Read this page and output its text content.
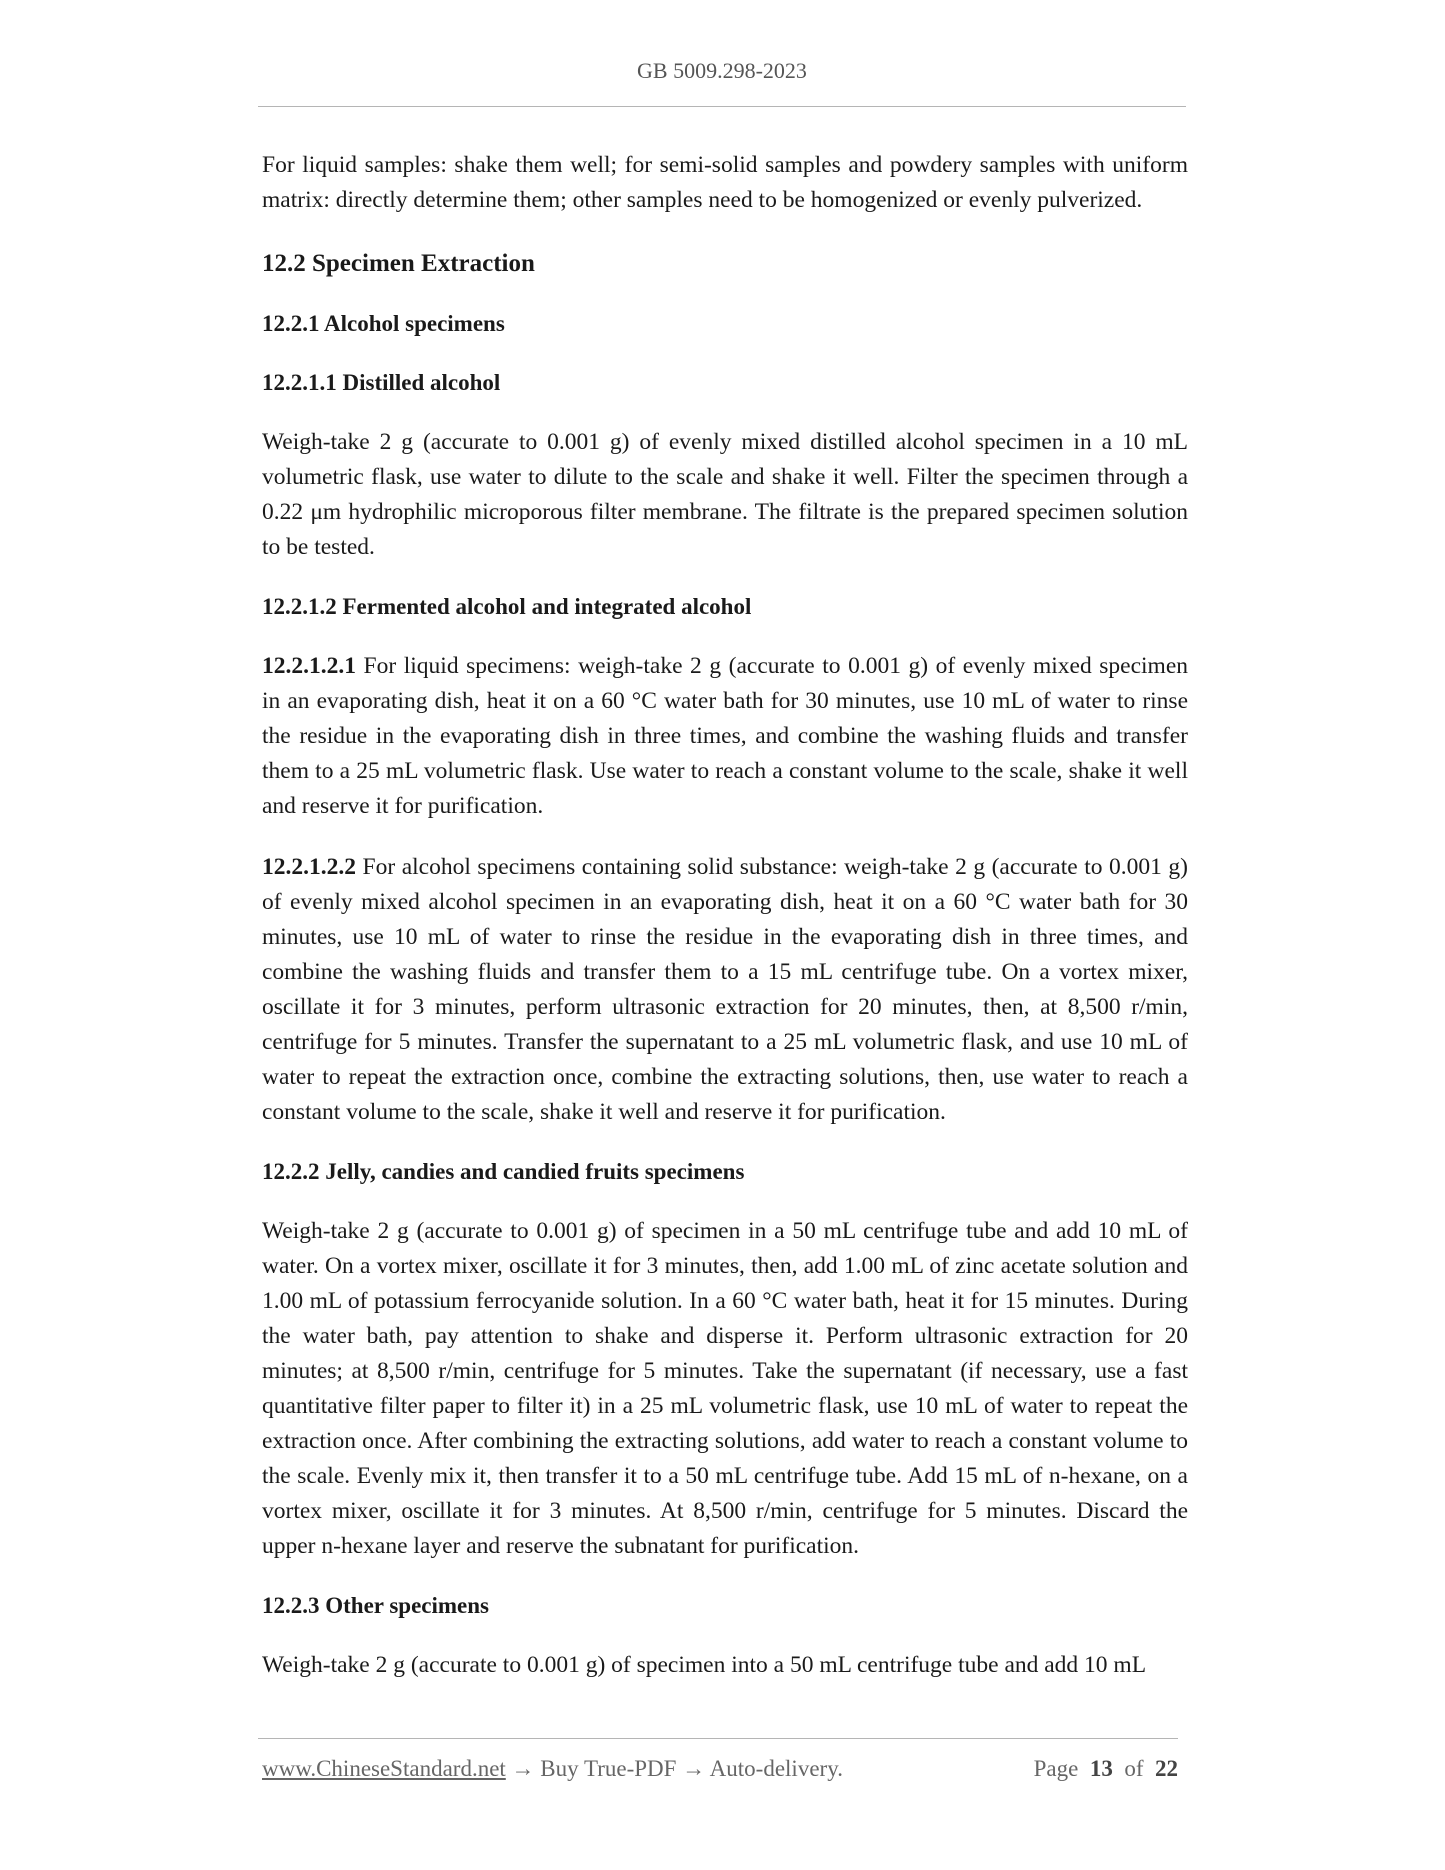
GB 5009.298-2023

For liquid samples: shake them well; for semi-solid samples and powdery samples with uniform matrix: directly determine them; other samples need to be homogenized or evenly pulverized.

12.2 Specimen Extraction
12.2.1 Alcohol specimens
12.2.1.1 Distilled alcohol

Weigh-take 2 g (accurate to 0.001 g) of evenly mixed distilled alcohol specimen in a 10 mL volumetric flask, use water to dilute to the scale and shake it well. Filter the specimen through a 0.22 μm hydrophilic microporous filter membrane. The filtrate is the prepared specimen solution to be tested.

12.2.1.2 Fermented alcohol and integrated alcohol

12.2.1.2.1 For liquid specimens: weigh-take 2 g (accurate to 0.001 g) of evenly mixed specimen in an evaporating dish, heat it on a 60 °C water bath for 30 minutes, use 10 mL of water to rinse the residue in the evaporating dish in three times, and combine the washing fluids and transfer them to a 25 mL volumetric flask. Use water to reach a constant volume to the scale, shake it well and reserve it for purification.

12.2.1.2.2 For alcohol specimens containing solid substance: weigh-take 2 g (accurate to 0.001 g) of evenly mixed alcohol specimen in an evaporating dish, heat it on a 60 °C water bath for 30 minutes, use 10 mL of water to rinse the residue in the evaporating dish in three times, and combine the washing fluids and transfer them to a 15 mL centrifuge tube. On a vortex mixer, oscillate it for 3 minutes, perform ultrasonic extraction for 20 minutes, then, at 8,500 r/min, centrifuge for 5 minutes. Transfer the supernatant to a 25 mL volumetric flask, and use 10 mL of water to repeat the extraction once, combine the extracting solutions, then, use water to reach a constant volume to the scale, shake it well and reserve it for purification.

12.2.2 Jelly, candies and candied fruits specimens

Weigh-take 2 g (accurate to 0.001 g) of specimen in a 50 mL centrifuge tube and add 10 mL of water. On a vortex mixer, oscillate it for 3 minutes, then, add 1.00 mL of zinc acetate solution and 1.00 mL of potassium ferrocyanide solution. In a 60 °C water bath, heat it for 15 minutes. During the water bath, pay attention to shake and disperse it. Perform ultrasonic extraction for 20 minutes; at 8,500 r/min, centrifuge for 5 minutes. Take the supernatant (if necessary, use a fast quantitative filter paper to filter it) in a 25 mL volumetric flask, use 10 mL of water to repeat the extraction once. After combining the extracting solutions, add water to reach a constant volume to the scale. Evenly mix it, then transfer it to a 50 mL centrifuge tube. Add 15 mL of n-hexane, on a vortex mixer, oscillate it for 3 minutes. At 8,500 r/min, centrifuge for 5 minutes. Discard the upper n-hexane layer and reserve the subnatant for purification.

12.2.3 Other specimens

Weigh-take 2 g (accurate to 0.001 g) of specimen into a 50 mL centrifuge tube and add 10 mL

www.ChineseStandard.net → Buy True-PDF → Auto-delivery.	Page 13 of 22
